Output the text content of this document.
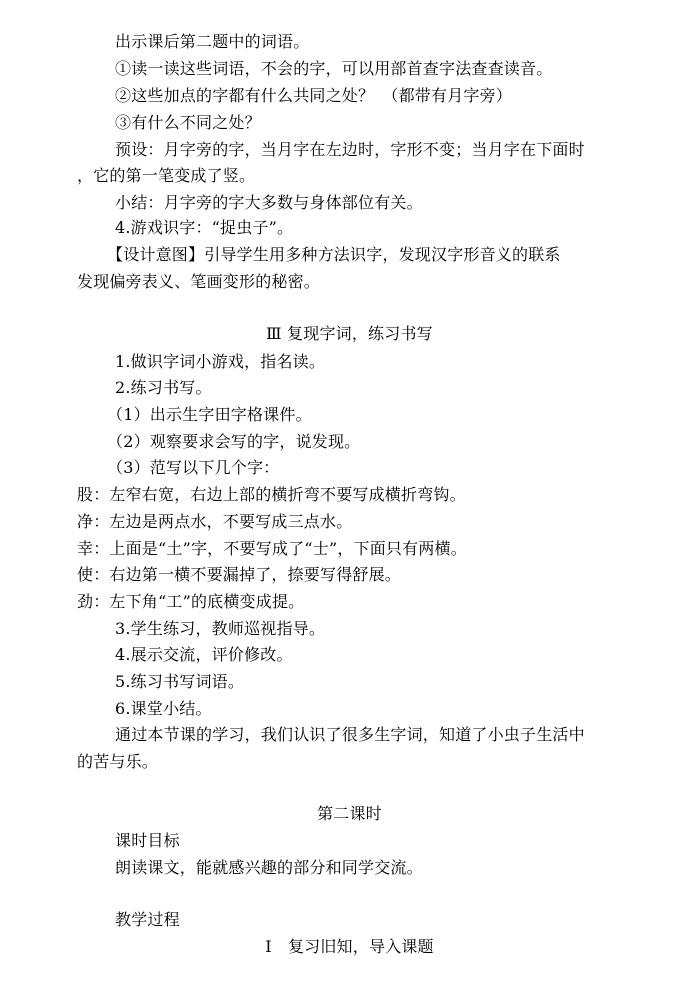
出示课后第二题中的词语。
①读一读这些词语，不会的字，可以用部首查字法查查读音。
②这些加点的字都有什么共同之处？　（都带有月字旁）
③有什么不同之处？
预设：月字旁的字，当月字在左边时，字形不变；当月字在下面时
，它的第一笔变成了竖。
小结：月字旁的字大多数与身体部位有关。
4.游戏识字：“捉虫子”。
【设计意图】引导学生用多种方法识字，发现汉字形音义的联系
发现偏旁表义、笔画变形的秘密。
Ⅲ 复现字词，练习书写
1.做识字词小游戏，指名读。
2.练习书写。
（1）出示生字田字格课件。
（2）观察要求会写的字，说发现。
（3）范写以下几个字：
股：左窄右宽，右边上部的横折弯不要写成横折弯钩。
净：左边是两点水，不要写成三点水。
幸：上面是“土”字，不要写成了“士”，下面只有两横。
使：右边第一横不要漏掉了，捺要写得舒展。
劲：左下角“工”的底横变成提。
3.学生练习，教师巡视指导。
4.展示交流，评价修改。
5.练习书写词语。
6.课堂小结。
通过本节课的学习，我们认识了很多生字词，知道了小虫子生活中
的苦与乐。
第二课时
课时目标
朗读课文，能就感兴趣的部分和同学交流。
教学过程
Ⅰ　复习旧知，导入课题
